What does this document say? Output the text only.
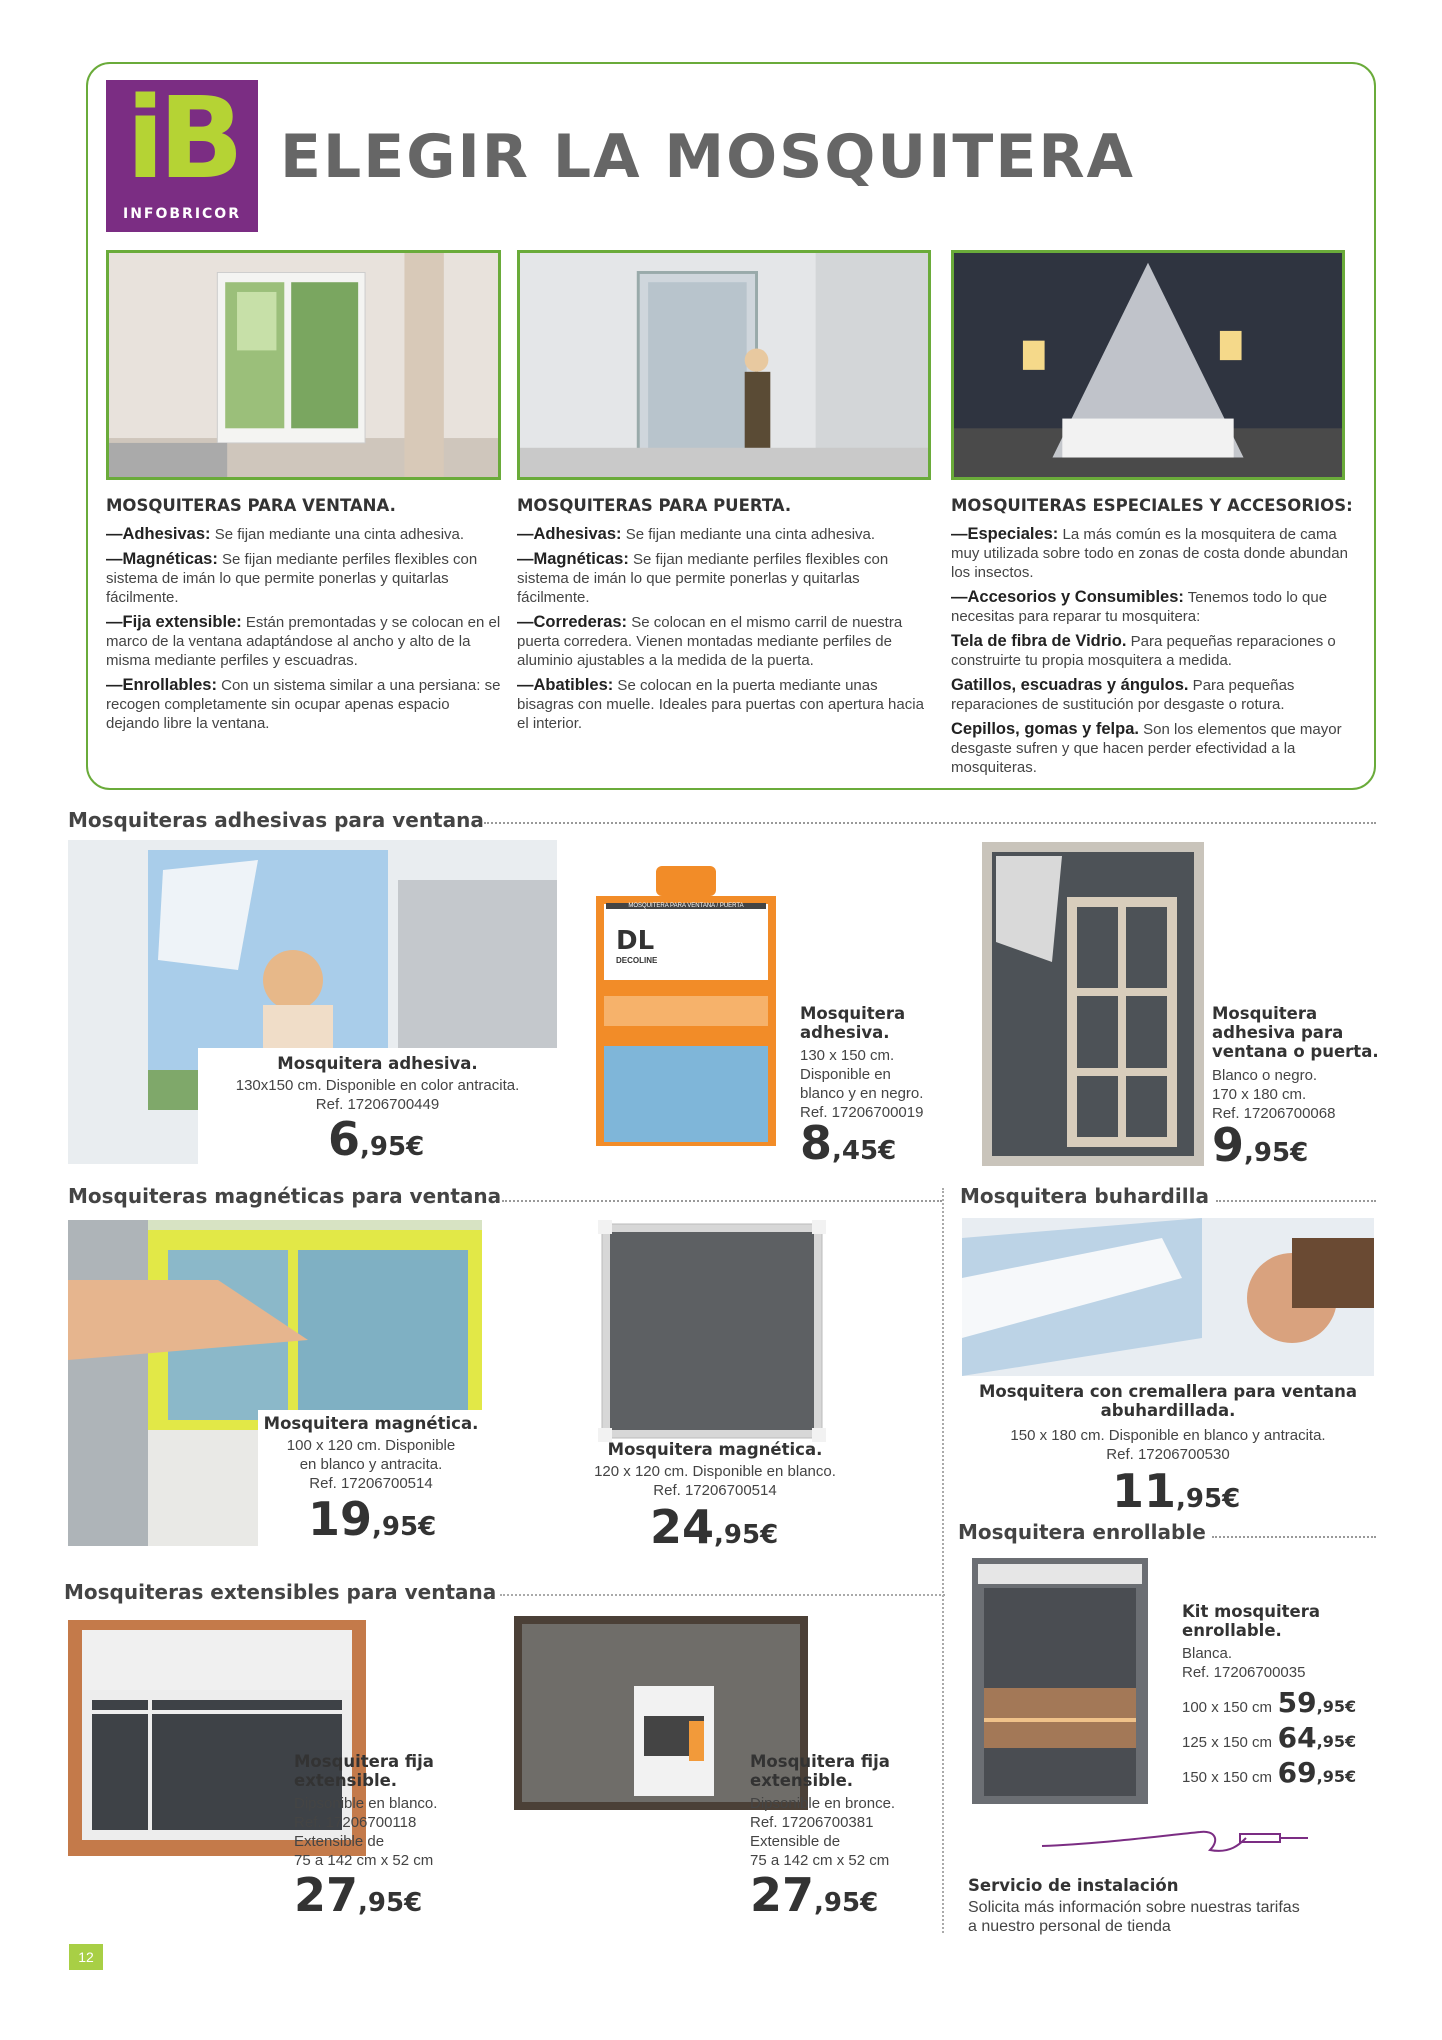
iB
INFOBRICOR
ELEGIR LA MOSQUITERA
MOSQUITERAS PARA VENTANA.

—Adhesivas: Se fijan mediante una cinta adhesiva.

—Magnéticas: Se fijan mediante perfiles flexibles con sistema de imán lo que permite ponerlas y quitarlas fácilmente.

—Fija extensible: Están premontadas y se colocan en el marco de la ventana adaptándose al ancho y alto de la misma mediante perfiles y escuadras.

—Enrollables: Con un sistema similar a una persiana: se recogen completamente sin ocupar apenas espacio dejando libre la ventana.

MOSQUITERAS PARA PUERTA.

—Adhesivas: Se fijan mediante una cinta adhesiva.

—Magnéticas: Se fijan mediante perfiles flexibles con sistema de imán lo que permite ponerlas y quitarlas fácilmente.

—Correderas: Se colocan en el mismo carril de nuestra puerta corredera. Vienen montadas mediante perfiles de aluminio ajustables a la medida de la puerta.

—Abatibles: Se colocan en la puerta mediante unas bisagras con muelle. Ideales para puertas con apertura hacia el interior.

MOSQUITERAS ESPECIALES Y ACCESORIOS:

—Especiales: La más común es la mosquitera de cama muy utilizada sobre todo en zonas de costa donde abundan los insectos.

—Accesorios y Consumibles: Tenemos todo lo que necesitas para reparar tu mosquitera:

Tela de fibra de Vidrio. Para pequeñas reparaciones o construirte tu propia mosquitera a medida.

Gatillos, escuadras y ángulos. Para pequeñas reparaciones de sustitución por desgaste o rotura.

Cepillos, gomas y felpa. Son los elementos que mayor desgaste sufren y que hacen perder efectividad a la mosquiteras.

Mosquiteras adhesivas para ventana
Mosquitera adhesiva.
130x150 cm. Disponible en color antracita.
Ref. 17206700449
6,95€
MOSQUITERA PARA VENTANA / PUERTA
DL
DECOLINE
Mosquitera
adhesiva.
130 x 150 cm.
Disponible en
blanco y en negro.
Ref. 17206700019
8,45€
Mosquitera
adhesiva para
ventana o puerta.
Blanco o negro.
170 x 180 cm.
Ref. 17206700068
9,95€
Mosquiteras magnéticas para ventana
Mosquitera magnética.
100 x 120 cm. Disponible
en blanco y antracita.
Ref. 17206700514
19,95€
Mosquitera magnética.
120 x 120 cm. Disponible en blanco.
Ref. 17206700514
24,95€
Mosquitera buhardilla
Mosquitera con cremallera para ventana
abuhardillada.
150 x 180 cm. Disponible en blanco y antracita.
Ref. 17206700530
11,95€
Mosquitera enrollable
Kit mosquitera
enrollable.
Blanca.
Ref. 17206700035
100 x 150 cm 59,95€
125 x 150 cm 64,95€
150 x 150 cm 69,95€
Servicio de instalación
Solicita más información sobre nuestras tarifas
a nuestro personal de tienda
Mosquiteras extensibles para ventana
Mosquitera fija
extensible.
Dipsonible en blanco.
Ref. 17206700118
Extensible de
75 a 142 cm x 52 cm
27,95€
Mosquitera fija
extensible.
Dipsonible en bronce.
Ref. 17206700381
Extensible de
75 a 142 cm x 52 cm
27,95€
12
